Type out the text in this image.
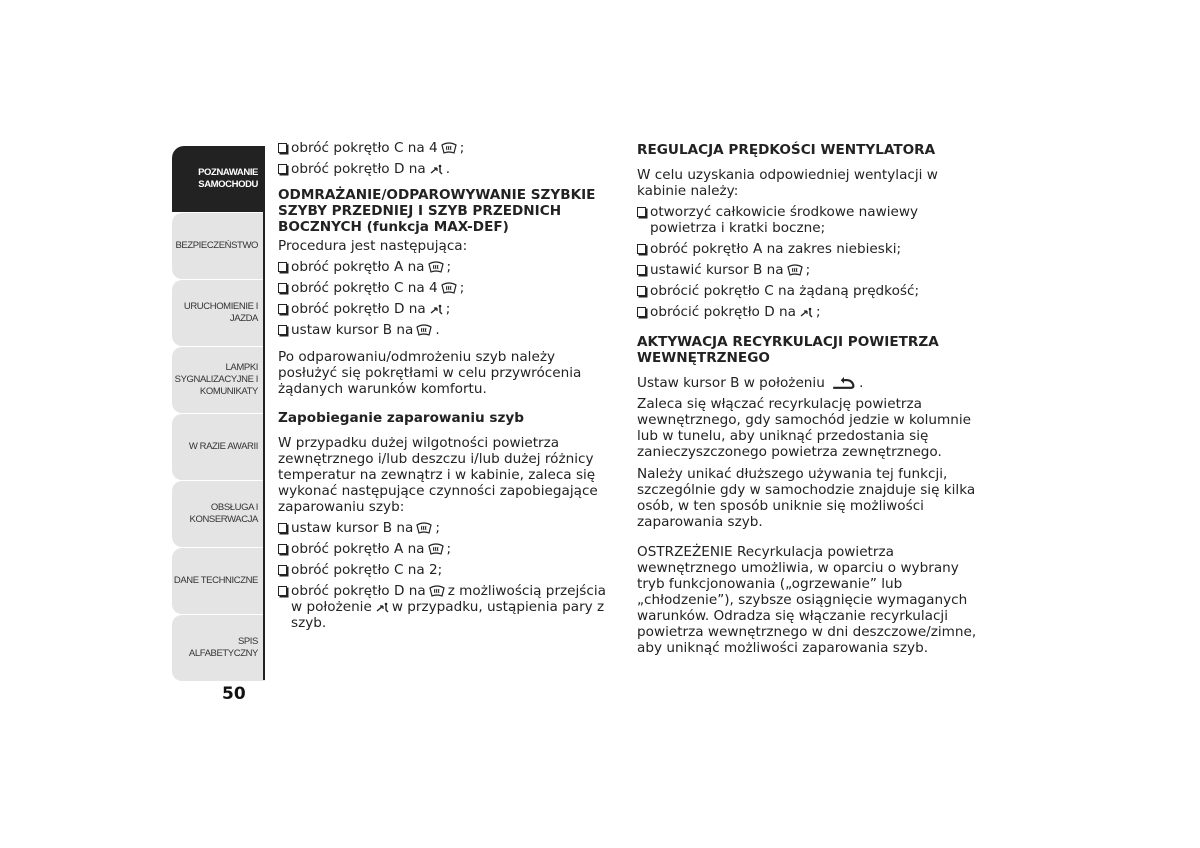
POZNAWANIE
SAMOCHODU
BEZPIECZEŃSTWO
URUCHOMIENIE I
JAZDA
LAMPKI
SYGNALIZACYJNE I
KOMUNIKATY
W RAZIE AWARII
OBSŁUGA I
KONSERWACJA
DANE TECHNICZNE
SPIS ALFABETYCZNY
50
obróć pokrętło C na 4 ;
obróć pokrętło D na .

ODMRAŻANIE/ODPAROWYWANIE SZYBKIE SZYBY PRZEDNIEJ I SZYB PRZEDNICH BOCZNYCH (funkcja MAX-DEF)

Procedura jest następująca:

obróć pokrętło A na ;
obróć pokrętło C na 4 ;
obróć pokrętło D na ;
ustaw kursor B na .

Po odparowaniu/odmrożeniu szyb należy posłużyć się pokrętłami w celu przywrócenia żądanych warunków komfortu.

Zapobieganie zaparowaniu szyb

W przypadku dużej wilgotności powietrza zewnętrznego i/lub deszczu i/lub dużej różnicy temperatur na zewnątrz i w kabinie, zaleca się wykonać następujące czynności zapobiegające zaparowaniu szyb:

ustaw kursor B na ;
obróć pokrętło A na ;
obróć pokrętło C na 2;
obróć pokrętło D na z możliwością przejścia w położenie w przypadku, ustąpienia pary z szyb.

REGULACJA PRĘDKOŚCI WENTYLATORA

W celu uzyskania odpowiedniej wentylacji w kabinie należy:

otworzyć całkowicie środkowe nawiewy powietrza i kratki boczne;
obróć pokrętło A na zakres niebieski;
ustawić kursor B na ;
obrócić pokrętło C na żądaną prędkość;
obrócić pokrętło D na ;

AKTYWACJA RECYRKULACJI POWIETRZA WEWNĘTRZNEGO

Ustaw kursor B w położeniu	.

Zaleca się włączać recyrkulację powietrza wewnętrznego, gdy samochód jedzie w kolumnie lub w tunelu, aby uniknąć przedostania się zanieczyszczonego powietrza zewnętrznego.

Należy unikać dłuższego używania tej funkcji, szczególnie gdy w samochodzie znajduje się kilka osób, w ten sposób uniknie się możliwości zaparowania szyb.

OSTRZEŻENIE Recyrkulacja powietrza wewnętrznego umożliwia, w oparciu o wybrany tryb funkcjonowania („ogrzewanie” lub „chłodzenie”), szybsze osiągnięcie wymaganych warunków. Odradza się włączanie recyrkulacji powietrza wewnętrznego w dni deszczowe/zimne, aby uniknąć możliwości zaparowania szyb.
